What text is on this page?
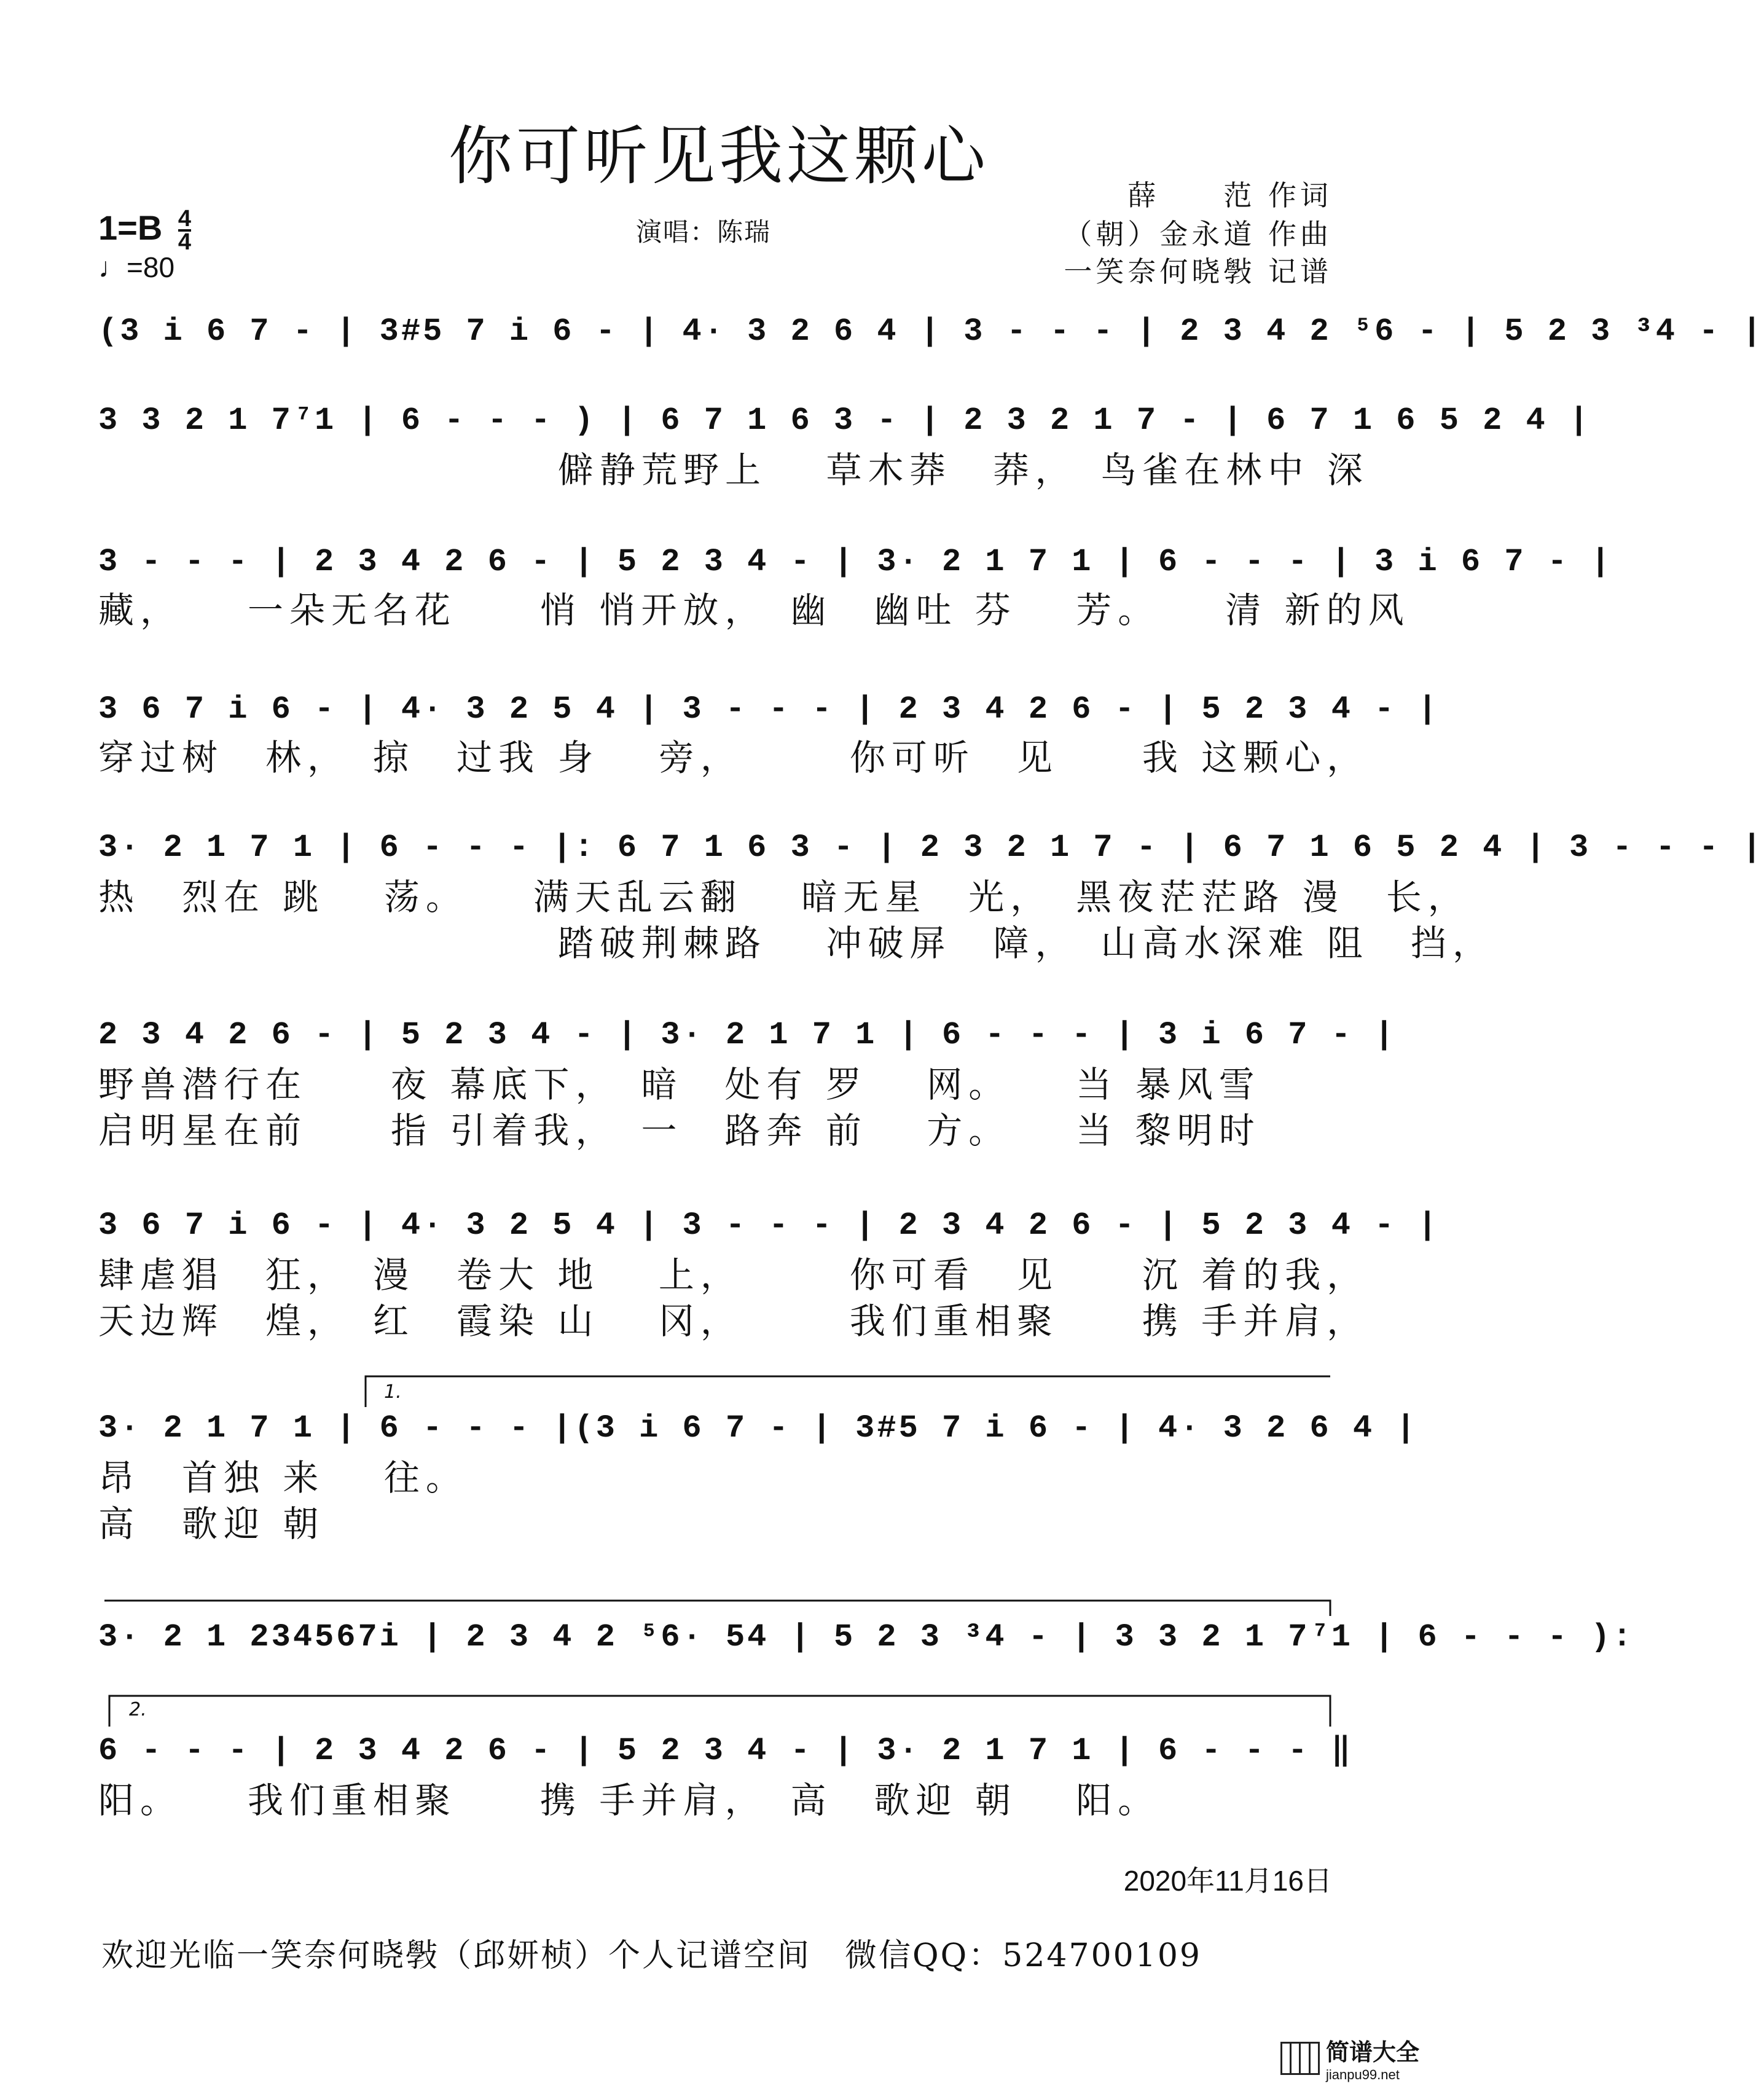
你可听见我这颗心
薛　　范 作词
（朝）金永道 作曲
一笑奈何晓斅 记谱
$1=B \frac{4}{4}$
♩=80
演唱：陈瑞
(3 i 6 7 - | 3#5 7 i 6 - | 4· 3 2 6 4 | 3 - - - | 2 3 4 2 ⁵6 - | 5 2 3 ³4 - |
3 3 2 1 7⁷1 | 6 - - - ) | 6 7 1 6 3 - | 2 3 2 1 7 - | 6 7 1 6 5 2 4 |
　　　　　　　　　　　僻静荒野上　 草木莽　莽，　鸟雀在林中 深
3 - - - | 2 3 4 2 6 - | 5 2 3 4 - | 3· 2 1 7 1 | 6 - - - | 3 i 6 7 - |
藏，　　一朵无名花　　悄 悄开放，　幽　幽吐 芬　 芳。　　清 新的风
3 6 7 i 6 - | 4· 3 2 5 4 | 3 - - - | 2 3 4 2 6 - | 5 2 3 4 - |
穿过树　林，　掠　过我 身　 旁，　　　你可听　见　　我 这颗心，
3· 2 1 7 1 | 6 - - - |: 6 7 1 6 3 - | 2 3 2 1 7 - | 6 7 1 6 5 2 4 | 3 - - - |
热　烈在 跳　 荡。　　满天乱云翻　 暗无星　光，　黑夜茫茫路 漫　长，
　　　　　　　　　　　踏破荆棘路　 冲破屏　障，　山高水深难 阻　挡，
2 3 4 2 6 - | 5 2 3 4 - | 3· 2 1 7 1 | 6 - - - | 3 i 6 7 - |
野兽潜行在　　夜 幕底下，　暗　处有 罗　 网。　　当 暴风雪
启明星在前　　指 引着我，　一　路奔 前　 方。　　当 黎明时
3 6 7 i 6 - | 4· 3 2 5 4 | 3 - - - | 2 3 4 2 6 - | 5 2 3 4 - |
肆虐猖　狂，　漫　卷大 地　 上，　　　你可看　见　　沉 着的我，
天边辉　煌，　红　霞染 山　 冈，　　　我们重相聚　　携 手并肩，
1.
3· 2 1 7 1 | 6 - - - |(3 i 6 7 - | 3#5 7 i 6 - | 4· 3 2 6 4 |
昂　首独 来　 往。
高　歌迎 朝
3· 2 1 234567i | 2 3 4 2 ⁵6· 54 | 5 2 3 ³4 - | 3 3 2 1 7⁷1 | 6 - - - ):
2.
6 - - - | 2 3 4 2 6 - | 5 2 3 4 - | 3· 2 1 7 1 | 6 - - - ‖
阳。　　我们重相聚　　携 手并肩，　高　歌迎 朝　 阳。
2020年11月16日
欢迎光临一笑奈何晓斅（邱妍桢）个人记谱空间　微信QQ：524700109
简谱大全
jianpu99.net
